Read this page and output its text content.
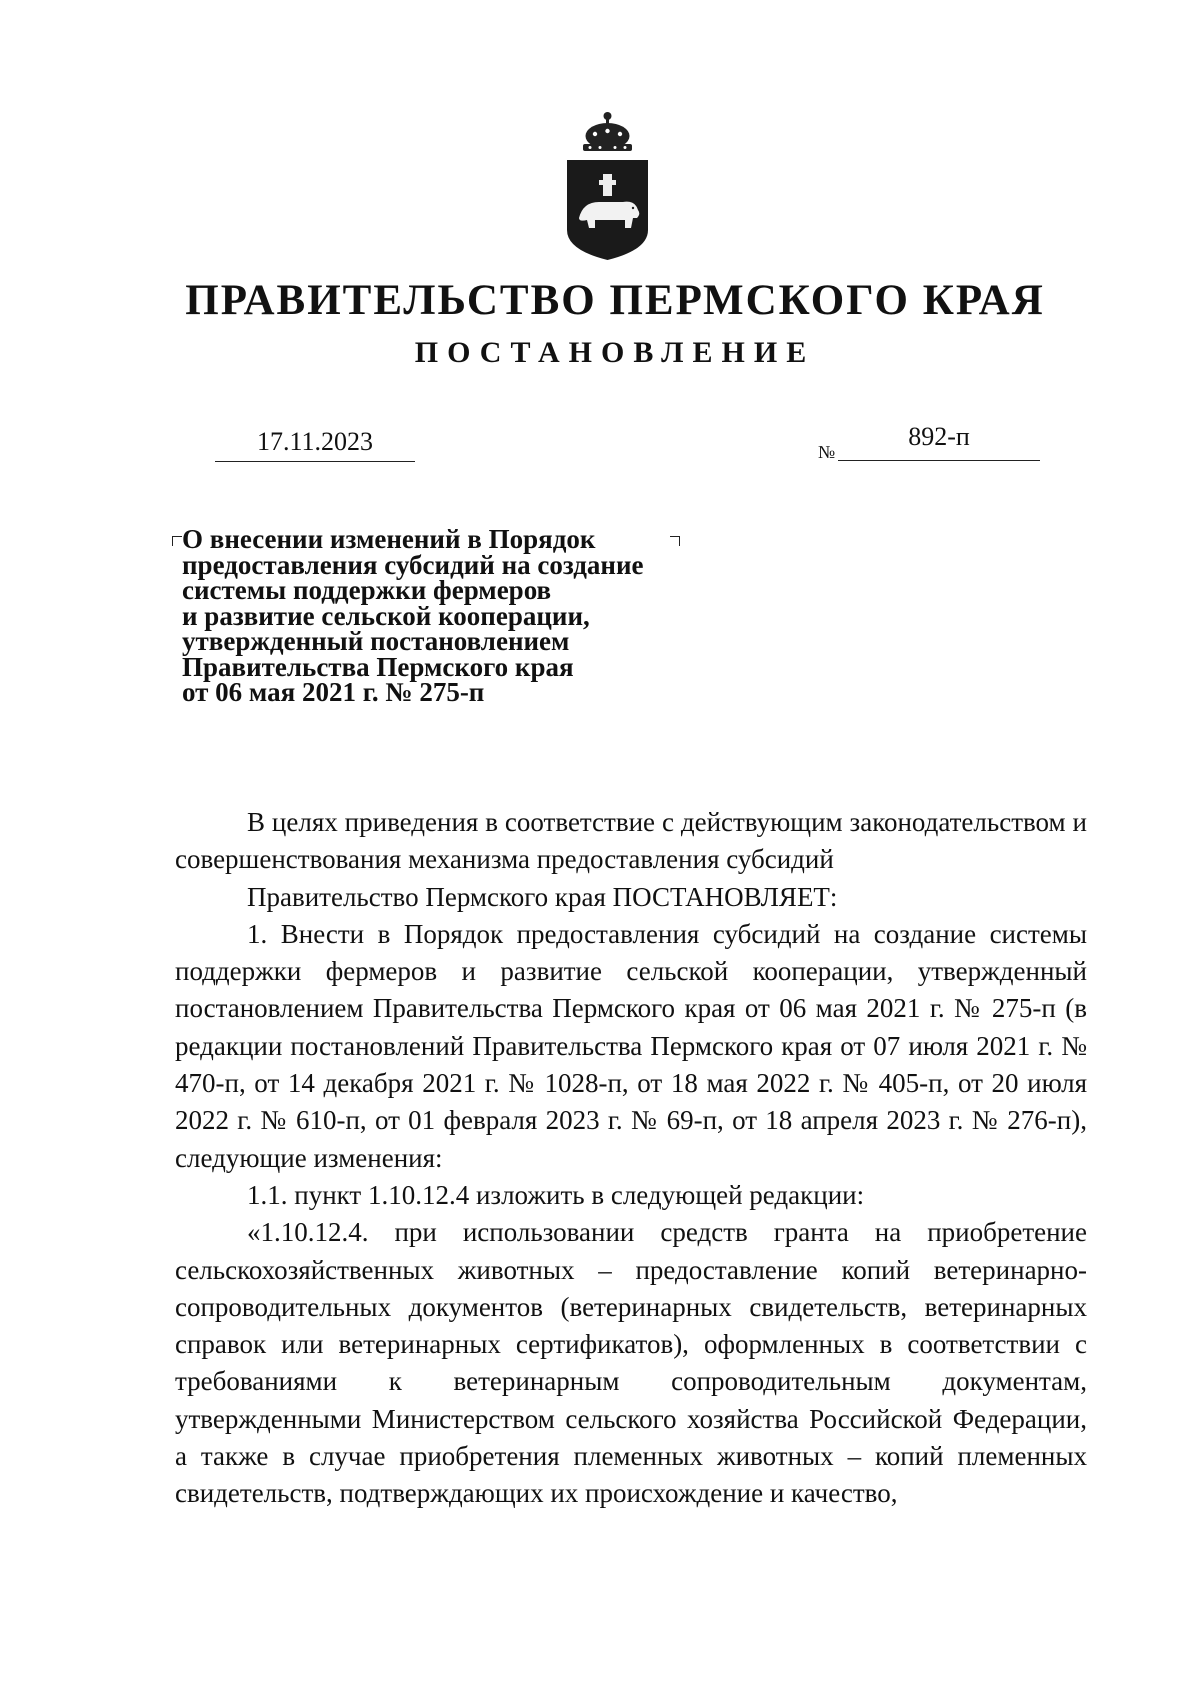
ПРАВИТЕЛЬСТВО ПЕРМСКОГО КРАЯ
ПОСТАНОВЛЕНИЕ
17.11.2023	№
892-п
О внесении изменений в Порядок
предоставления субсидий на создание
системы поддержки фермеров
и развитие сельской кооперации,
утвержденный постановлением
Правительства Пермского края
от 06 мая 2021 г. № 275-п

В целях приведения в соответствие с действующим законодательством и совершенствования механизма предоставления субсидий

Правительство Пермского края ПОСТАНОВЛЯЕТ:

1. Внести в Порядок предоставления субсидий на создание системы поддержки фермеров и развитие сельской кооперации, утвержденный постановлением Правительства Пермского края от 06 мая 2021 г. № 275-п (в редакции постановлений Правительства Пермского края от 07 июля 2021 г. № 470-п, от 14 декабря 2021 г. № 1028-п, от 18 мая 2022 г. № 405-п, от 20 июля 2022 г. № 610-п, от 01 февраля 2023 г. № 69-п, от 18 апреля 2023 г. № 276-п), следующие изменения:

1.1. пункт 1.10.12.4 изложить в следующей редакции:

«1.10.12.4. при использовании средств гранта на приобретение сельскохозяйственных животных – предоставление копий ветеринарно-сопроводительных документов (ветеринарных свидетельств, ветеринарных справок или ветеринарных сертификатов), оформленных в соответствии с требованиями к ветеринарным сопроводительным документам, утвержденными Министерством сельского хозяйства Российской Федерации, а также в случае приобретения племенных животных – копий племенных свидетельств, подтверждающих их происхождение и качество,
